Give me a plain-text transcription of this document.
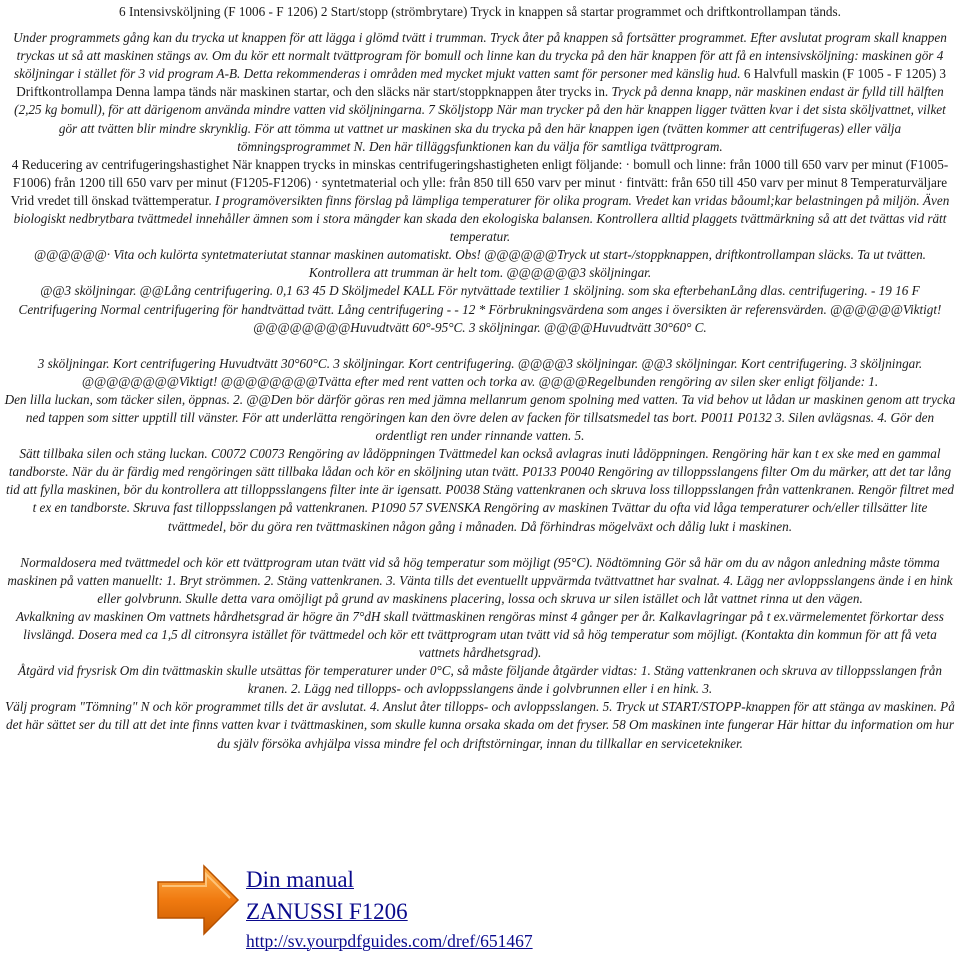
6 Intensivsköljning (F 1006 - F 1206) 2 Start/stopp (strömbrytare) Tryck in knappen så startar programmet och driftkontrollampan tänds.

Under programmets gång kan du trycka ut knappen för att lägga i glömd tvätt i trumman. Tryck åter på knappen så fortsätter programmet. Efter avslutat program skall knappen tryckas ut så att maskinen stängs av. Om du kör ett normalt tvättprogram för bomull och linne kan du trycka på den här knappen för att få en intensivsköljning: maskinen gör 4 sköljningar i stället för 3 vid program A-B. Detta rekommenderas i områden med mycket mjukt vatten samt för personer med känslig hud. 6 Halvfull maskin (F 1005 - F 1205) 3 Driftkontrollampa Denna lampa tänds när maskinen startar, och den släcks när start/stoppknappen åter trycks in. Tryck på denna knapp, när maskinen endast är fylld till hälften (2,25 kg bomull), för att därigenom använda mindre vatten vid sköljningarna. 7 Sköljstopp När man trycker på den här knappen ligger tvätten kvar i det sista sköljvattnet, vilket gör att tvätten blir mindre skrynklig. För att tömma ut vattnet ur maskinen ska du trycka på den här knappen igen (tvätten kommer att centrifugeras) eller välja tömningsprogrammet N. Den här tilläggsfunktionen kan du välja för samtliga tvättprogram.

4 Reducering av centrifugeringshastighet När knappen trycks in minskas centrifugeringshastigheten enligt följande: · bomull och linne: från 1000 till 650 varv per minut (F1005-F1006) från 1200 till 650 varv per minut (F1205-F1206) · syntetmaterial och ylle: från 850 till 650 varv per minut · fintvätt: från 650 till 450 varv per minut 8 Temperaturväljare Vrid vredet till önskad tvättemperatur. I programöversikten finns förslag på lämpliga temperaturer för olika program. Vredet kan vridas båouml;kar belastningen på miljön. Även biologiskt nedbrytbara tvättmedel innehåller ämnen som i stora mängder kan skada den ekologiska balansen. Kontrollera alltid plaggets tvättmärkning så att det tvättas vid rätt temperatur.

@@@@@@· Vita och kulörta syntetmateriutat stannar maskinen automatiskt. Obs! @@@@@@Tryck ut start-/stoppknappen, driftkontrollampan släcks. Ta ut tvätten. Kontrollera att trumman är helt tom. @@@@@@3 sköljningar.

@@3 sköljningar. @@Lång centrifugering. 0,1 63 45 D Sköljmedel KALL För nytvättade textilier 1 sköljning. som ska efterbehanLång dlas. centrifugering. - 19 16 F Centrifugering Normal centrifugering för handtvättad tvätt. Lång centrifugering - - 12 * Förbrukningsvärdena som anges i översikten är referensvärden. @@@@@@Viktigt! @@@@@@@@Huvudtvätt 60°-95°C. 3 sköljningar. @@@@Huvudtvätt 30°60° C.

3 sköljningar. Kort centrifugering Huvudtvätt 30°60°C. 3 sköljningar. Kort centrifugering. @@@@3 sköljningar. @@3 sköljningar. Kort centrifugering. 3 sköljningar. @@@@@@@@Viktigt! @@@@@@@@Tvätta efter med rent vatten och torka av. @@@@Regelbunden rengöring av silen sker enligt följande: 1.

Den lilla luckan, som täcker silen, öppnas. 2. @@Den bör därför göras ren med jämna mellanrum genom spolning med vatten. Ta vid behov ut lådan ur maskinen genom att trycka ned tappen som sitter upptill till vänster. För att underlätta rengöringen kan den övre delen av facken för tillsatsmedel tas bort. P0011 P0132 3. Silen avlägsnas. 4. Gör den ordentligt ren under rinnande vatten. 5.

Sätt tillbaka silen och stäng luckan. C0072 C0073 Rengöring av lådöppningen Tvättmedel kan också avlagras inuti lådöppningen. Rengöring här kan t ex ske med en gammal tandborste. När du är färdig med rengöringen sätt tillbaka lådan och kör en sköljning utan tvätt. P0133 P0040 Rengöring av tilloppsslangens filter Om du märker, att det tar lång tid att fylla maskinen, bör du kontrollera att tilloppsslangens filter inte är igensatt. P0038 Stäng vattenkranen och skruva loss tilloppsslangen från vattenkranen. Rengör filtret med t ex en tandborste. Skruva fast tilloppsslangen på vattenkranen. P1090 57 SVENSKA Rengöring av maskinen Tvättar du ofta vid låga temperaturer och/eller tillsätter lite tvättmedel, bör du göra ren tvättmaskinen någon gång i månaden. Då förhindras mögelväxt och dålig lukt i maskinen.

Normaldosera med tvättmedel och kör ett tvättprogram utan tvätt vid så hög temperatur som möjligt (95°C). Nödtömning Gör så här om du av någon anledning måste tömma maskinen på vatten manuellt: 1. Bryt strömmen. 2. Stäng vattenkranen. 3. Vänta tills det eventuellt uppvärmda tvättvattnet har svalnat. 4. Lägg ner avloppsslangens ände i en hink eller golvbrunn. Skulle detta vara omöjligt på grund av maskinens placering, lossa och skruva ur silen istället och låt vattnet rinna ut den vägen.

Avkalkning av maskinen Om vattnets hårdhetsgrad är högre än 7°dH skall tvättmaskinen rengöras minst 4 gånger per år. Kalkavlagringar på t ex.värmelementet förkortar dess livslängd. Dosera med ca 1,5 dl citronsyra istället för tvättmedel och kör ett tvättprogram utan tvätt vid så hög temperatur som möjligt. (Kontakta din kommun för att få veta vattnets hårdhetsgrad).

Åtgärd vid frysrisk Om din tvättmaskin skulle utsättas för temperaturer under 0°C, så måste följande åtgärder vidtas: 1. Stäng vattenkranen och skruva av tilloppsslangen från kranen. 2. Lägg ned tillopps- och avloppsslangens ände i golvbrunnen eller i en hink. 3.

Välj program "Tömning" N och kör programmet tills det är avslutat. 4. Anslut åter tillopps- och avloppsslangen. 5. Tryck ut START/STOPP-knappen för att stänga av maskinen. På det här sättet ser du till att det inte finns vatten kvar i tvättmaskinen, som skulle kunna orsaka skada om det fryser. 58 Om maskinen inte fungerar Här hittar du information om hur du själv försöka avhjälpa vissa mindre fel och driftstörningar, innan du tillkallar en servicetekniker.

Din manual
ZANUSSI F1206
http://sv.yourpdfguides.com/dref/651467
